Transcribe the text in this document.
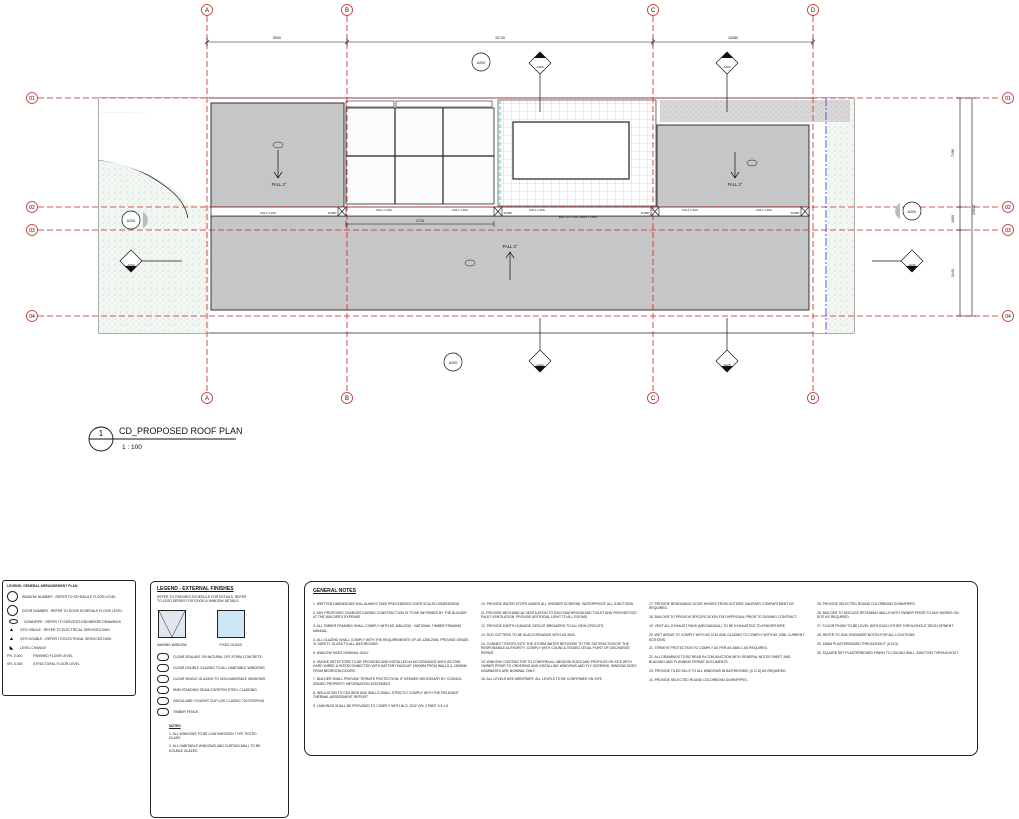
A	B	C	D
A	B	C	D
01
02
03
04
01
02
03
04
5000	10740	10080
2710
14040
7490
1000
5440
FALL 3°	FALL 3°
FALL 3°
FALL 1:100	SUMP
FALL 1:100	FALL 1:100
SUMP
FALL 1:100
BOX GUTTER 300W x 150D
SUMP
FALL 1:100	FALL 1:100
SUMP
A200
A200
A200
A200
A200	A200
A200	A200
A200	A200
1 CD_PROPOSED ROOF PLAN
1 : 100
LEGEND: GENERAL ARRANGEMENT PLAN
WINDOW NUMBER - REFER TO SCHEDULE FLOOR LEVEL
DOOR NUMBER - REFER TO DOOR SCHEDULE FLOOR LEVEL
DOWNPIPE - REFER TO SERVICES ENGINEERS DRAWINGS
▲	GPO SINGLE - REFER TO ELECTRICAL SERVICES DWG
▲	GPO DOUBLE - REFER TO ELECTRICAL SERVICES DWG
◣	LEVEL CHANGE
FFL 0.000	FINISHED FLOOR LEVEL
SFL 0.000	STRUCTURAL FLOOR LEVEL
LEGEND - EXTERNAL FINISHES
REFER TO FINISHES SCHEDULE FOR DETAILS. REFER TO LEGO SERIES FOR DOOR & WINDOW DETAILS
AWNING WINDOW	FIXED GLASS
CLEAR SEALANT ON NATURAL OFF-FORM CONCRETE
CLEAR DOUBLE GLAZING TO ALL HABITABLE WINDOWS
CLEAR SINGLE GLAZING TO NON-HABITABLE WINDOWS
5MM STANDING SEAM CORSTEN STEEL CLADDING
ZINCALUME LYSAGHT CLIP-LOK CLASSIC 700 ROOFING
TIMBER FENCE
NOTES
1. ALL WINDOWS TO BE LOW EMISSION TYPE TINTED GLASS.
2. ALL HABITABLE WINDOWS AND CURTAIN WALL TO BE DOUBLE GLAZED.
GENERAL NOTES
1. WRITTEN DIMENSIONS WILL ALWAYS TAKE PRECEDENCE OVER SCALED DIMENSIONS.
2. ANY PROPOSED CHANGES DURING CONSTRUCTION IS TO BE INFORMED BY THE BUILDER AT THE BUILDER'S EXPENSE.
3. ALL TIMBER FRAMING SHALL COMPLY WITH AS 1684-2010 - NATIONAL TIMBER FRAMING MANUAL.
4. ALL GLAZING SHALL COMPLY WITH THE REQUIREMENTS OF AS 1288-2006. PROVIDE GRADE 'A' SAFETY GLASS TO ALL BATHROOMS.
5. WINDOW SIZES NOMINAL ONLY.
6. SMOKE DETECTORS TO BE PROVIDED AND INSTALLED IN ACCORDANCE WITH AS 3786. HARD WIRED & INTERCONNECTED WITH BATTERY BACKUP. 1500MM FROM WALLS & 1300MM FROM BEDROOM DOORS.
7. BUILDER SHALL PROVIDE TERMITE PROTECTION, IF DEEMED NECESSARY BY COUNCIL ISSUED PROPERTY INFORMATION STATEMENT.
8. INSULATION TO CEILINGS AND WALLS SHALL STRICTLY COMPLY WITH THE RELEVANT THERMAL ASSESSMENT REPORT.
9. LANDINGS SHALL BE PROVIDED TO COMPLY WITH NCC 2022 VOL 2 PART 3.9.1.5
10. PROVIDE WATER STOPS UNDER ALL SHOWER SCREENS. WATERPROOF ALL JUNCTIONS.
11. PROVIDE MECHANICAL VENTILATION TO EACH BATHROOM AND TOILET AND PROVIDE RCD FAULT VENTILATION. PROVIDE ARTIFICIAL LIGHT TO ALL ROOMS.
12. PROVIDE EARTH LEAKAGE CIRCUIT BREAKERS TO ALL NEW CIRCUITS.
13. RCD GUTTERS TO BE IN ACCORDANCE WITH AS 3500.
14. CONNECT ROOFS INTO THE STORM WATER NETWORK TO THE SATISFACTION OF THE RESPONSIBLE AUTHORITY. COMPLY WITH COUNCIL ISSUED LEGAL POINT OF DISCHARGE PERMIT.
15. WINDOW CONTRACTOR TO CONFIRM ALL WINDOW SIZES AND PROFILES ON SITE WITH OWNER PRIOR TO ORDERING AND INSTALLING WINDOWS AND FLY SCREENS. WINDOW SIZES NOMINATED ARE NOMINAL ONLY.
16. ALL LEVELS ARE ARBITRARY. ALL LEVELS TO BE CONFIRMED ON SITE.
17. PROVIDE REMOVABLE DOOR HINGES FROM OUTSIDE SANITARY COMPARTMENT AS REQUIRED.
18. BUILDER TO PROVIDE SPECIFICATION FOR APPROVAL PRIOR TO SIGNING CONTRACT.
19. VENT ALL EXHAUST FANS (MECHANICAL) TO BE EXHAUSTED TO ATMOSPHERE.
20. WET AREAS TO COMPLY WITH AS 3740 AND GLAZING TO COMPLY WITH AS 1288. CURRENT EDITIONS.
21. TERMITE PROTECTION TO COMPLY AS PER AS 3660.1 AS REQUIRED.
22. ALL DRAWINGS TO BE READ IN CONJUNCTION WITH GENERAL NOTES SHEET AND BUILDING AND PLANNING PERMIT DOCUMENTS.
23. PROVIDE TILED SILLS TO ALL WINDOWS IN BATHROOMS, (C.O.D) AS REQUIRED.
24. PROVIDE SELECTED ROUND COLORBOND DOWNPIPES.
25. PROVIDE SELECTED ROUND COLORBOND DOWNPIPES.
26. BUILDER TO DISCUSS RETAINING WALLS WITH OWNER PRIOR TO ANY WORKS ON SITE AS REQUIRED.
27. FLOOR FINISH TO BE LEVEL WITH EACH OTHER THROUGHOUT DEVELOPMENT.
28. REFER TO SOIL ENGINEER NOTES FOR ALL LOCATIONS.
29. 10MM PLASTERBOARD THROUGHOUT (U.N.O)
30. SQUARE SET PLASTERBOARD FINISH TO CEILING WALL JUNCTION THROUGHOUT.
